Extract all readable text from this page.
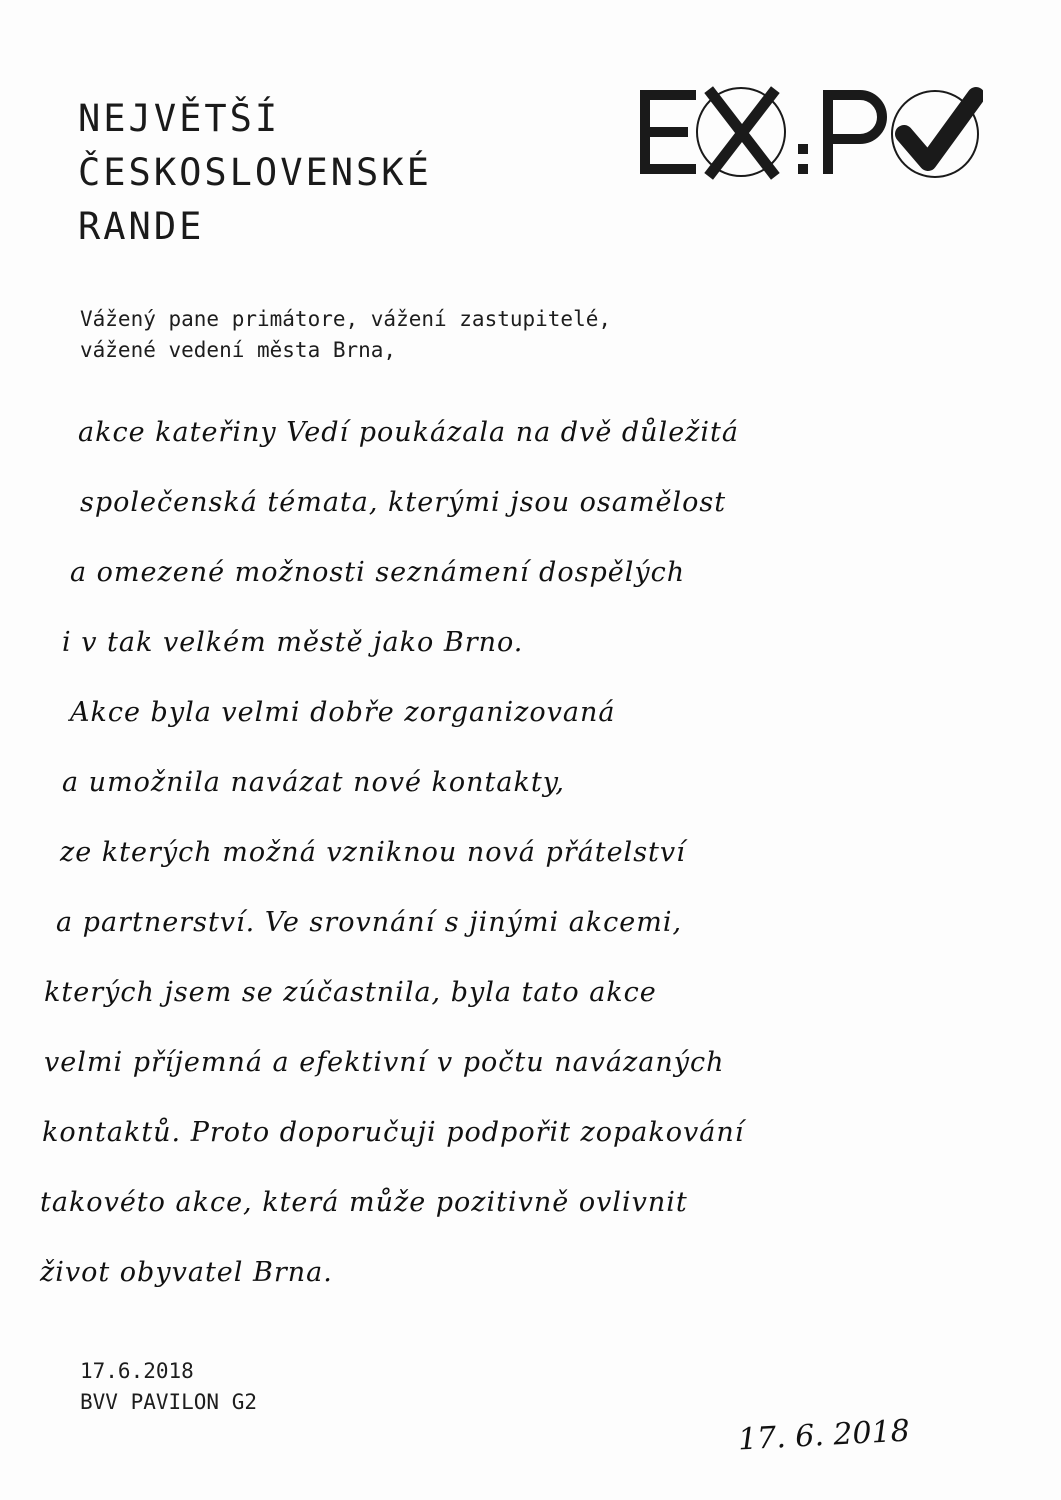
NEJVĚTŠÍ
ČESKOSLOVENSKÉ
RANDE
Vážený pane primátore, vážení zastupitelé,
vážené vedení města Brna,
akce kateřiny Vedí poukázala na dvě důležitá
společenská témata, kterými jsou osamělost
a omezené možnosti seznámení dospělých
i v tak velkém městě jako Brno.
Akce byla velmi dobře zorganizovaná
a umožnila navázat nové kontakty,
ze kterých možná vzniknou nová přátelství
a partnerství. Ve srovnání s jinými akcemi,
kterých jsem se zúčastnila, byla tato akce
velmi příjemná a efektivní v počtu navázaných
kontaktů. Proto doporučuji podpořit zopakování
takovéto akce, která může pozitivně ovlivnit
život obyvatel Brna.
17.6.2018
BVV PAVILON G2
17. 6. 2018
